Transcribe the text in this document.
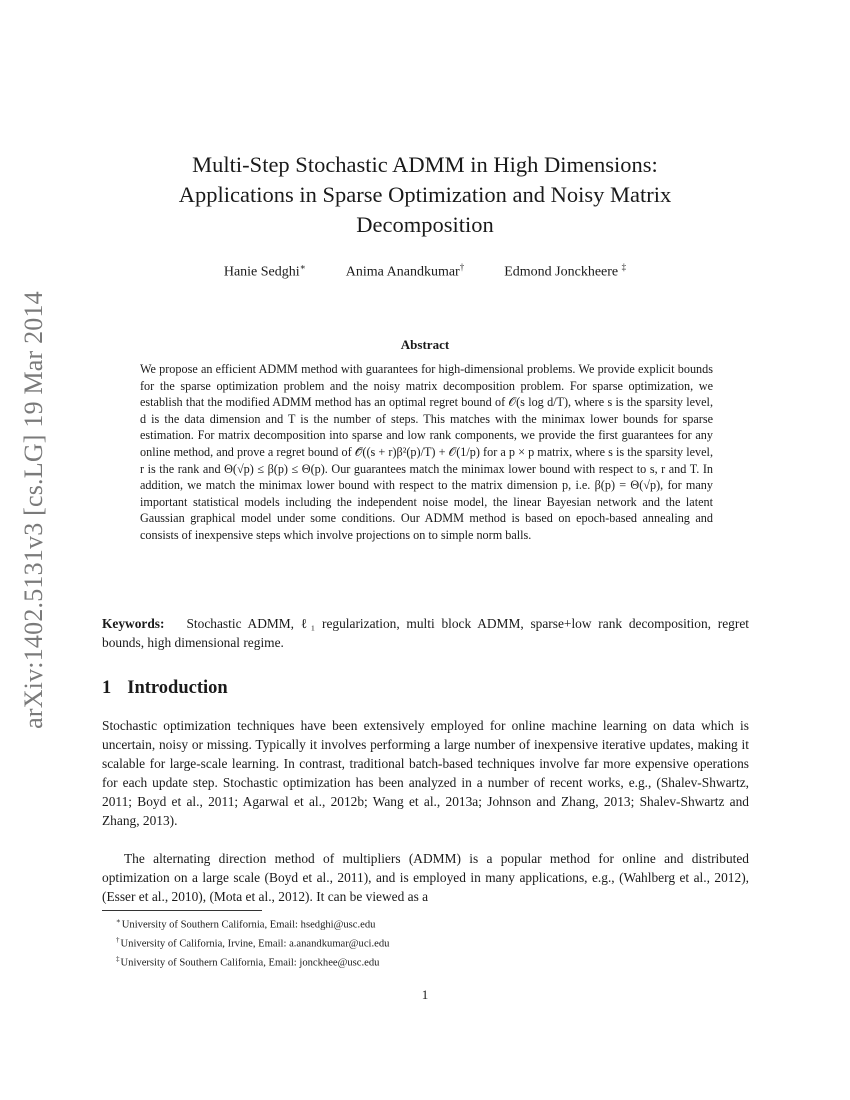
arXiv:1402.5131v3 [cs.LG] 19 Mar 2014
Multi-Step Stochastic ADMM in High Dimensions:
Applications in Sparse Optimization and Noisy Matrix
Decomposition
Hanie Sedghi∗	Anima Anandkumar†	Edmond Jonckheere ‡
Abstract

We propose an efficient ADMM method with guarantees for high-dimensional problems. We provide explicit bounds for the sparse optimization problem and the noisy matrix decomposition problem. For sparse optimization, we establish that the modified ADMM method has an optimal regret bound of 𝒪(s log d/T), where s is the sparsity level, d is the data dimension and T is the number of steps. This matches with the minimax lower bounds for sparse estimation. For matrix decomposition into sparse and low rank components, we provide the first guarantees for any online method, and prove a regret bound of 𝒪̃((s + r)β²(p)/T) + 𝒪(1/p) for a p × p matrix, where s is the sparsity level, r is the rank and Θ(√p) ≤ β(p) ≤ Θ(p). Our guarantees match the minimax lower bound with respect to s, r and T. In addition, we match the minimax lower bound with respect to the matrix dimension p, i.e. β(p) = Θ(√p), for many important statistical models including the independent noise model, the linear Bayesian network and the latent Gaussian graphical model under some conditions. Our ADMM method is based on epoch-based annealing and consists of inexpensive steps which involve projections on to simple norm balls.

Keywords: Stochastic ADMM, ℓ₁ regularization, multi block ADMM, sparse+low rank decomposition, regret bounds, high dimensional regime.

1 Introduction

Stochastic optimization techniques have been extensively employed for online machine learning on data which is uncertain, noisy or missing. Typically it involves performing a large number of inexpensive iterative updates, making it scalable for large-scale learning. In contrast, traditional batch-based techniques involve far more expensive operations for each update step. Stochastic optimization has been analyzed in a number of recent works, e.g., (Shalev-Shwartz, 2011; Boyd et al., 2011; Agarwal et al., 2012b; Wang et al., 2013a; Johnson and Zhang, 2013; Shalev-Shwartz and Zhang, 2013).

The alternating direction method of multipliers (ADMM) is a popular method for online and distributed optimization on a large scale (Boyd et al., 2011), and is employed in many applications, e.g., (Wahlberg et al., 2012), (Esser et al., 2010), (Mota et al., 2012). It can be viewed as a

∗University of Southern California, Email: hsedghi@usc.edu
†University of California, Irvine, Email: a.anandkumar@uci.edu
‡University of Southern California, Email: jonckhee@usc.edu
1
